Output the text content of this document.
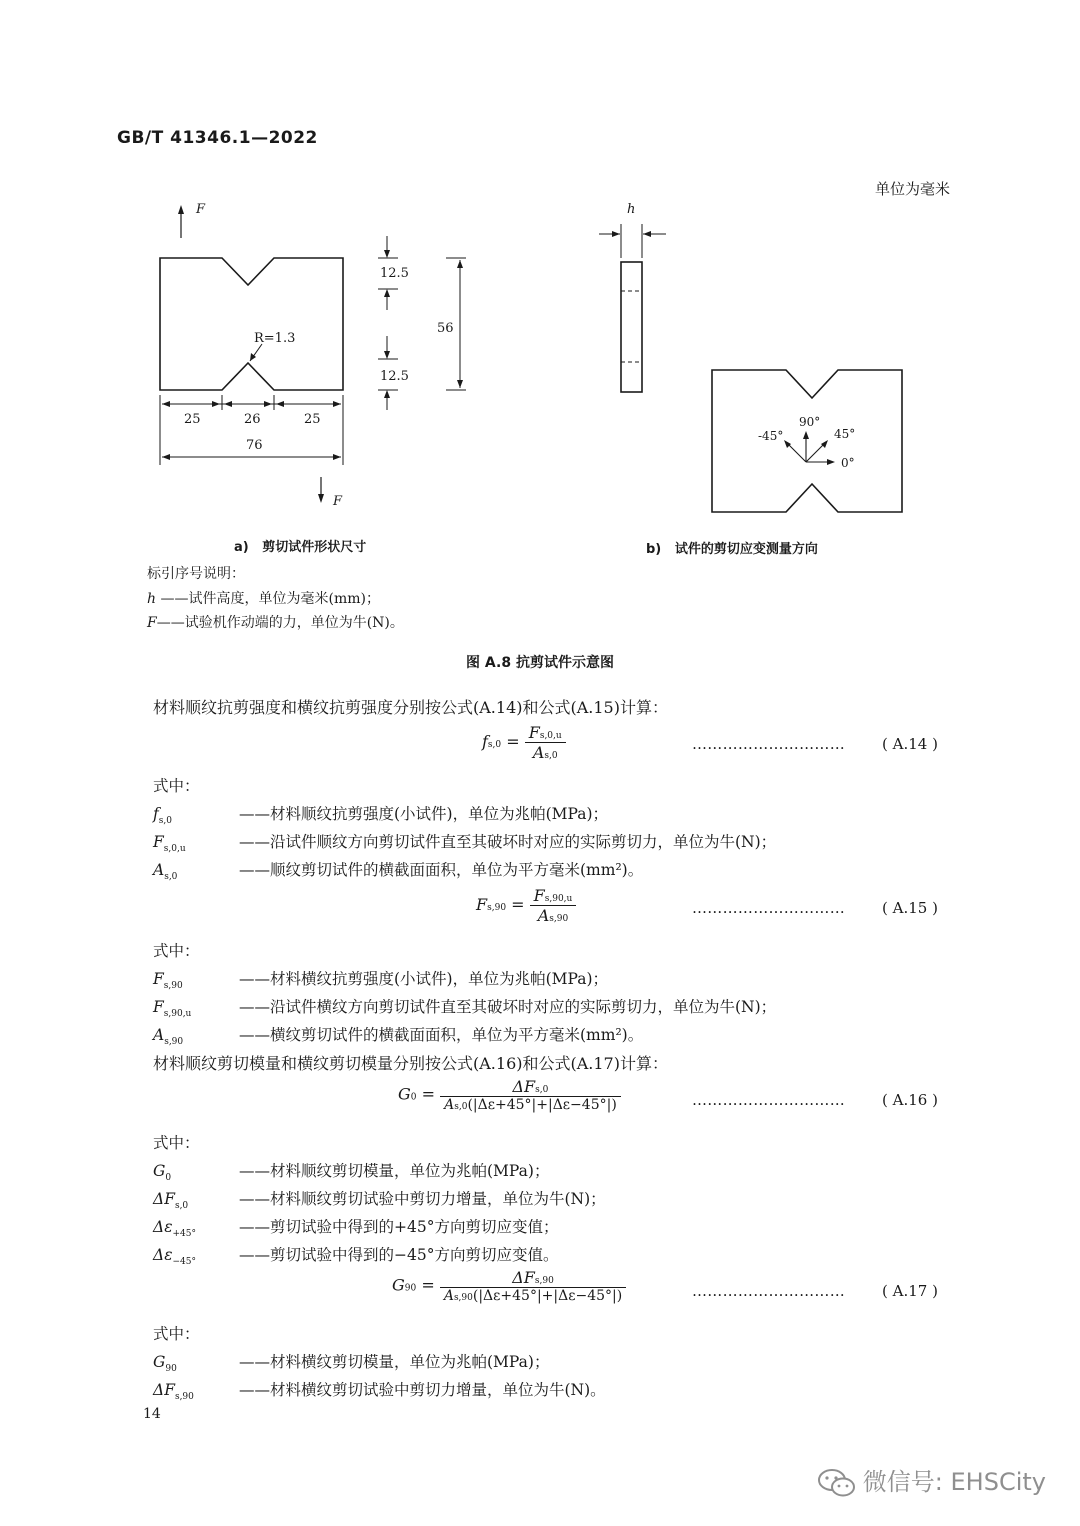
GB/T 41346.1—2022
单位为毫米
F
F
12.5
12.5
56
R=1.3
25	26	25
76
h
90°
45°
-45°
0°
a) 剪切试件形状尺寸	b) 试件的剪切应变测量方向
标引序号说明：
h ——试件高度，单位为毫米(mm)；
F——试验机作动端的力，单位为牛(N)。
图 A.8 抗剪试件示意图
材料顺纹抗剪强度和横纹抗剪强度分别按公式(A.14)和公式(A.15)计算：
$fs,0 = \frac{Fs,0,u}{As,0}$	………………………… ( A.14 )
式中：
$f_{s,0}$	——材料顺纹抗剪强度(小试件)，单位为兆帕(MPa)；
$F_{s,0,u}$	——沿试件顺纹方向剪切试件直至其破坏时对应的实际剪切力，单位为牛(N)；
$A_{s,0}$	——顺纹剪切试件的横截面面积，单位为平方毫米(mm²)。
$Fs,90 = \frac{Fs,90,u}{As,90}$	………………………… ( A.15 )
式中：
$F_{s,90}$	——材料横纹抗剪强度(小试件)，单位为兆帕(MPa)；
$F_{s,90,u}$	——沿试件横纹方向剪切试件直至其破坏时对应的实际剪切力，单位为牛(N)；
$A_{s,90}$	——横纹剪切试件的横截面面积，单位为平方毫米(mm²)。
材料顺纹剪切模量和横纹剪切模量分别按公式(A.16)和公式(A.17)计算：
$G0 = \frac{\text{ΔFs,0}}{As,0(|\Delta\varepsilon+45^\circ|+|\Delta\varepsilon-45^\circ|)}$	………………………… ( A.16 )
式中：
$G_0$	——材料顺纹剪切模量，单位为兆帕(MPa)；
$\Delta F_{s,0}$	——材料顺纹剪切试验中剪切力增量，单位为牛(N)；
$\Delta\varepsilon_{+45^\circ}$	——剪切试验中得到的+45°方向剪切应变值；
$\Delta\varepsilon_{-45^\circ}$	——剪切试验中得到的−45°方向剪切应变值。
$G90 = \frac{\text{ΔFs,90}}{As,90(|\Delta\varepsilon+45^\circ|+|\Delta\varepsilon-45^\circ|)}$	………………………… ( A.17 )
式中：
$G_{90}$	——材料横纹剪切模量，单位为兆帕(MPa)；
$\Delta F_{s,90}$	——材料横纹剪切试验中剪切力增量，单位为牛(N)。
14
微信号: EHSCity
